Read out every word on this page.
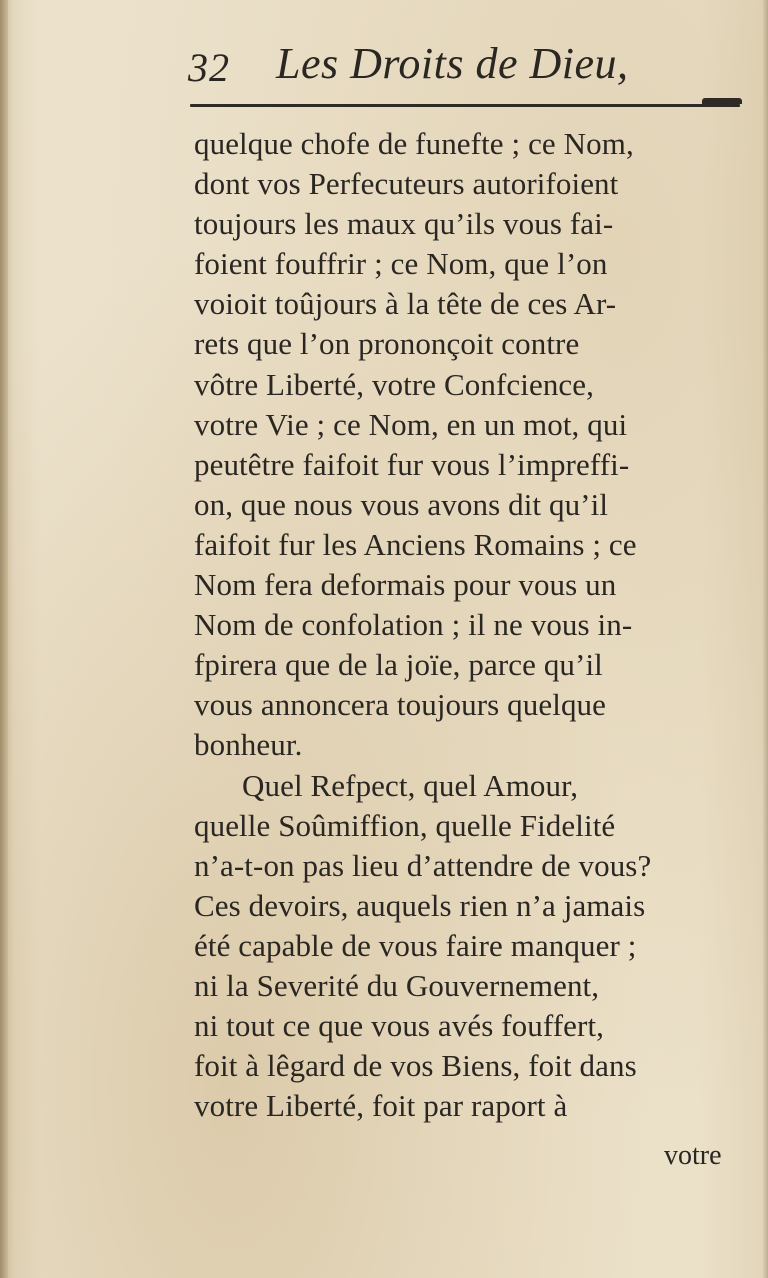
32 Les Droits de Dieu,
quelque chofe de funefte ; ce Nom,
dont vos Perfecuteurs autorifoient
toujours les maux qu’ils vous fai-
foient fouffrir ; ce Nom, que l’on
voioit toûjours à la tête de ces Ar-
rets que l’on prononçoit contre
vôtre Liberté, votre Confcience,
votre Vie ; ce Nom, en un mot, qui
peutêtre faifoit fur vous l’impreffi-
on, que nous vous avons dit qu’il
faifoit fur les Anciens Romains ; ce
Nom fera deformais pour vous un
Nom de confolation ; il ne vous in-
fpirera que de la joïe, parce qu’il
vous annoncera toujours quelque
bonheur.
Quel Refpect, quel Amour,
quelle Soûmiffion, quelle Fidelité
n’a-t-on pas lieu d’attendre de vous?
Ces devoirs, auquels rien n’a jamais
été capable de vous faire manquer ;
ni la Severité du Gouvernement,
ni tout ce que vous avés fouffert,
foit à lêgard de vos Biens, foit dans
votre Liberté, foit par raport à
votre
